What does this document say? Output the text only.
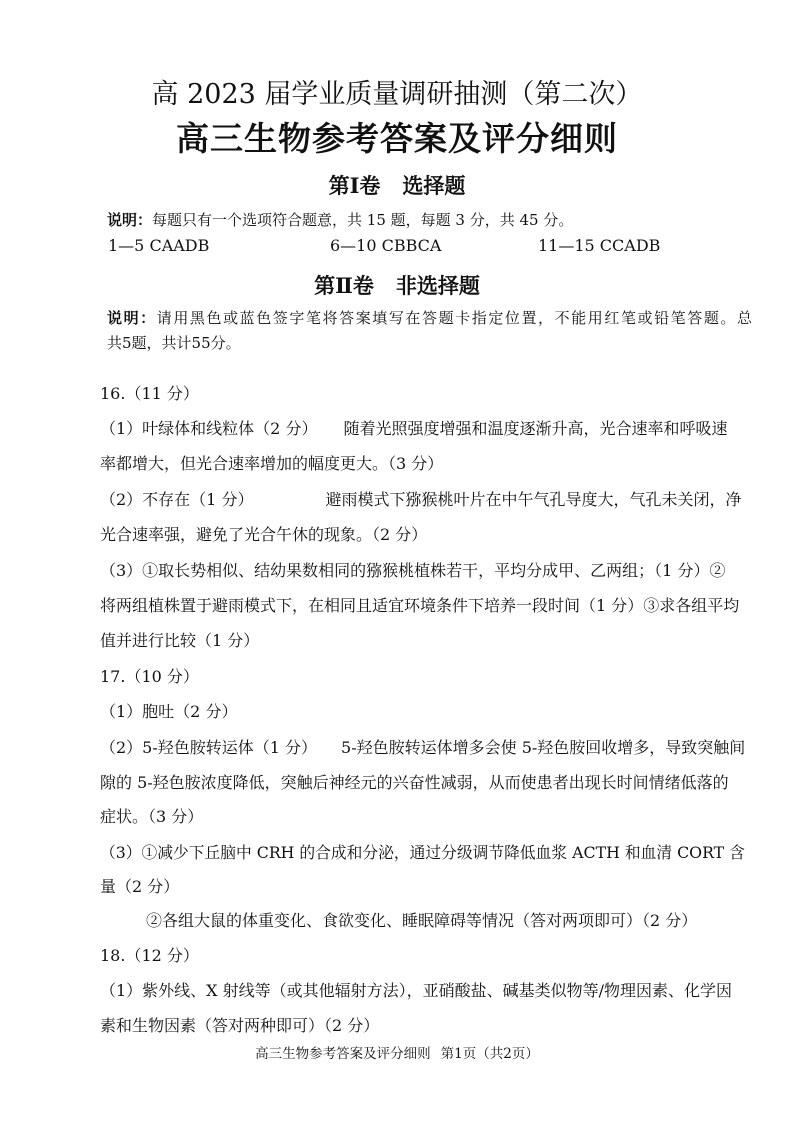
高 2023 届学业质量调研抽测（第二次）
高三生物参考答案及评分细则
第Ⅰ卷 选择题
说明：每题只有一个选项符合题意，共 15 题，每题 3 分，共 45 分。
1—5 CAADB	6—10 CBBCA	11—15 CCADB
第Ⅱ卷 非选择题
说明：请用黑色或蓝色签字笔将答案填写在答题卡指定位置，不能用红笔或铅笔答题。总
共5题，共计55分。
16.（11 分）
（1）叶绿体和线粒体（2 分） 随着光照强度增强和温度逐渐升高，光合速率和呼吸速
率都增大，但光合速率增加的幅度更大。（3 分）
（2）不存在（1 分）	避雨模式下猕猴桃叶片在中午气孔导度大，气孔未关闭，净
光合速率强，避免了光合午休的现象。（2 分）
（3）①取长势相似、结幼果数相同的猕猴桃植株若干，平均分成甲、乙两组；（1 分）②
将两组植株置于避雨模式下，在相同且适宜环境条件下培养一段时间（1 分）③求各组平均
值并进行比较（1 分）
17.（10 分）
（1）胞吐（2 分）
（2）5-羟色胺转运体（1 分） 5-羟色胺转运体增多会使 5-羟色胺回收增多，导致突触间
隙的 5-羟色胺浓度降低，突触后神经元的兴奋性减弱，从而使患者出现长时间情绪低落的
症状。（3 分）
（3）①减少下丘脑中 CRH 的合成和分泌，通过分级调节降低血浆 ACTH 和血清 CORT 含
量（2 分）
②各组大鼠的体重变化、食欲变化、睡眠障碍等情况（答对两项即可）（2 分）
18.（12 分）
（1）紫外线、X 射线等（或其他辐射方法），亚硝酸盐、碱基类似物等/物理因素、化学因
素和生物因素（答对两种即可）（2 分）
高三生物参考答案及评分细则 第1页（共2页）
